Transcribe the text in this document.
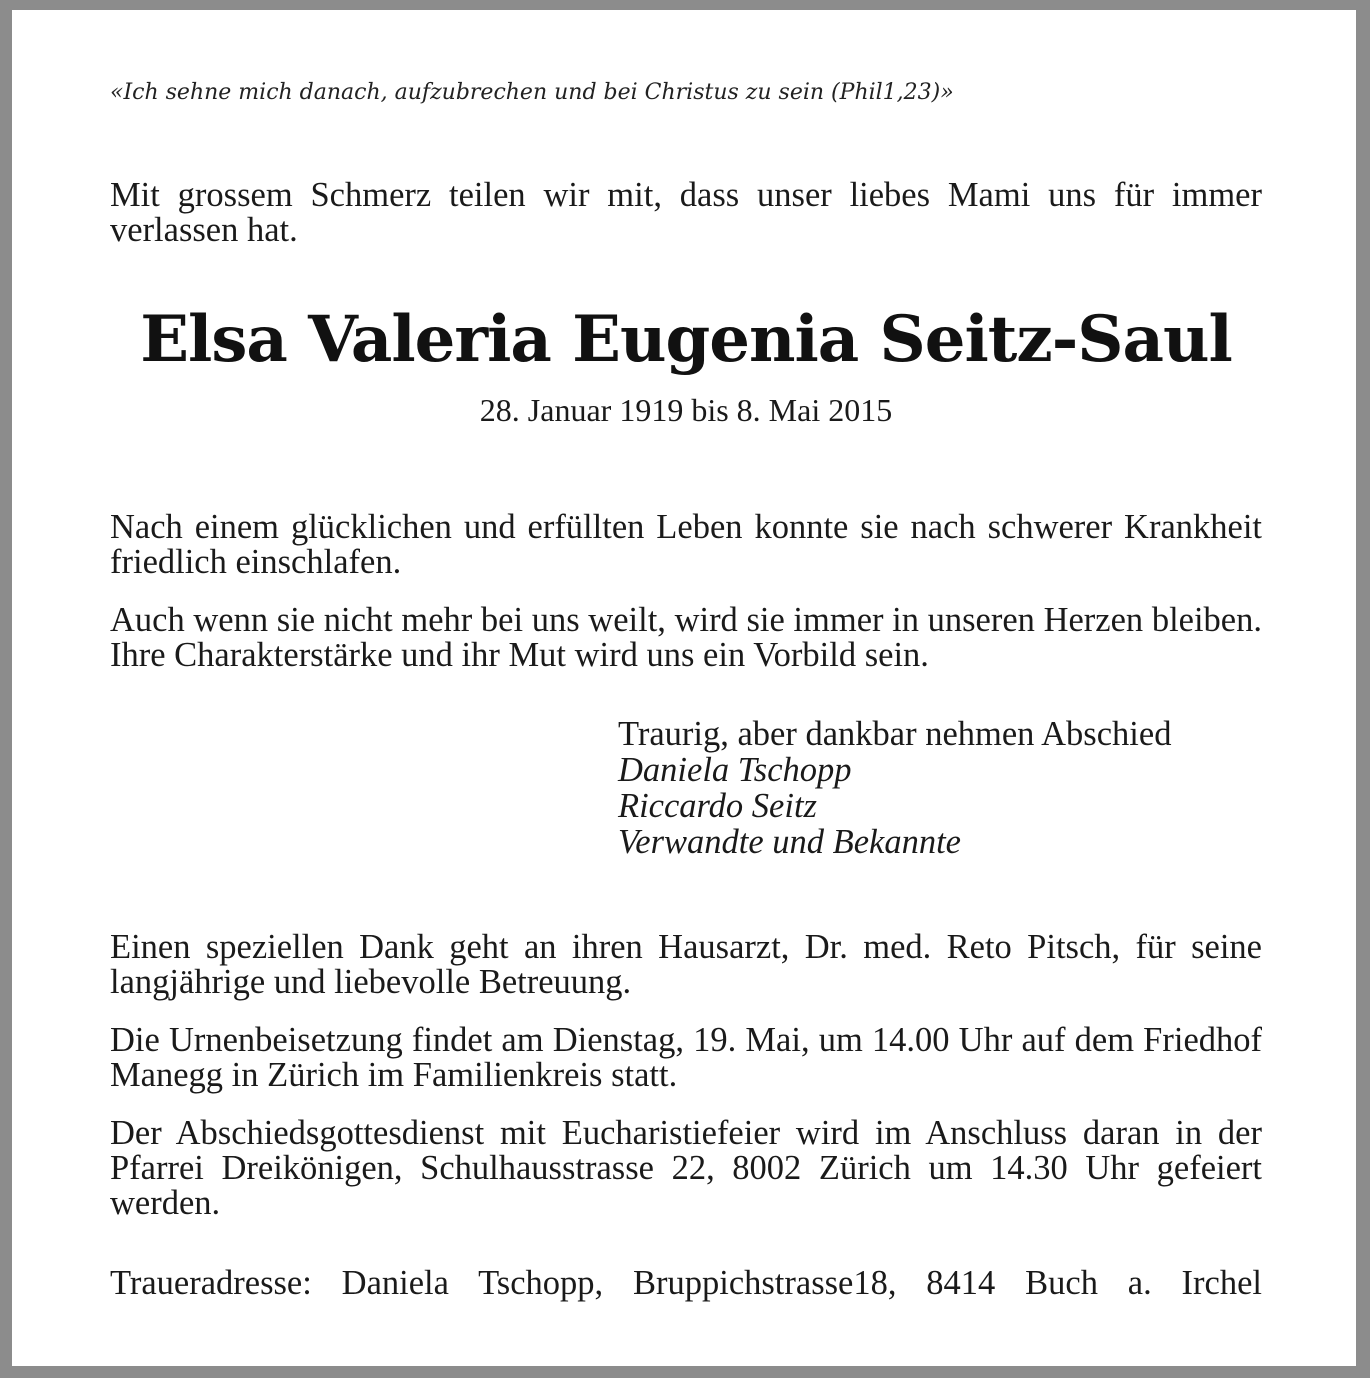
«Ich sehne mich danach, aufzubrechen und bei Christus zu sein (Phil1,23)»

Mit grossem Schmerz teilen wir mit, dass unser liebes Mami uns für immer verlassen hat.

Elsa Valeria Eugenia Seitz-Saul
28. Januar 1919 bis 8. Mai 2015

Nach einem glücklichen und erfüllten Leben konnte sie nach schwerer Krankheit friedlich einschlafen.

Auch wenn sie nicht mehr bei uns weilt, wird sie immer in unseren Herzen bleiben. Ihre Charakterstärke und ihr Mut wird uns ein Vorbild sein.

Traurig, aber dankbar nehmen Abschied
Daniela Tschopp
Riccardo Seitz
Verwandte und Bekannte

Einen speziellen Dank geht an ihren Hausarzt, Dr. med. Reto Pitsch, für seine langjährige und liebevolle Betreuung.

Die Urnenbeisetzung findet am Dienstag, 19. Mai, um 14.00 Uhr auf dem Friedhof Manegg in Zürich im Familienkreis statt.

Der Abschiedsgottesdienst mit Eucharistiefeier wird im Anschluss daran in der Pfarrei Dreikönigen, Schulhausstrasse 22, 8002 Zürich um 14.30 Uhr gefeiert werden.

Traueradresse: Daniela Tschopp, Bruppichstrasse18, 8414 Buch a. Irchel
